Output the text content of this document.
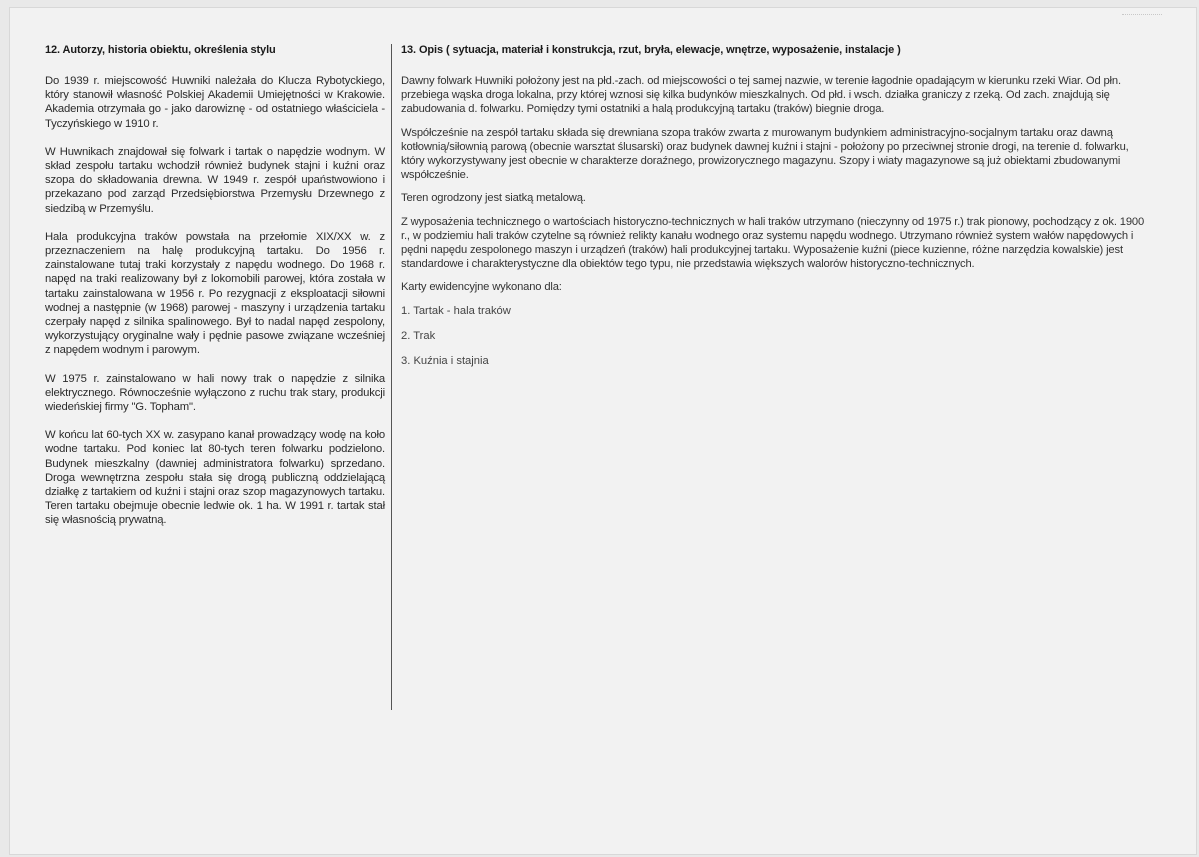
12. Autorzy, historia obiektu, określenia stylu

Do 1939 r. miejscowość Huwniki należała do Klucza Rybotyckiego, który stanowił własność Polskiej Akademii Umiejętności w Krakowie. Akademia otrzymała go - jako darowiznę - od ostatniego właściciela - Tyczyńskiego w 1910 r.

W Huwnikach znajdował się folwark i tartak o napędzie wodnym. W skład zespołu tartaku wchodził również budynek stajni i kuźni oraz szopa do składowania drewna. W 1949 r. zespół upaństwowiono i przekazano pod zarząd Przedsiębiorstwa Przemysłu Drzewnego z siedzibą w Przemyślu.

Hala produkcyjna traków powstała na przełomie XIX/XX w. z przeznaczeniem na halę produkcyjną tartaku. Do 1956 r. zainstalowane tutaj traki korzystały z napędu wodnego. Do 1968 r. napęd na traki realizowany był z lokomobili parowej, która została w tartaku zainstalowana w 1956 r. Po rezygnacji z eksploatacji siłowni wodnej a następnie (w 1968) parowej - maszyny i urządzenia tartaku czerpały napęd z silnika spalinowego. Był to nadal napęd zespolony, wykorzystujący oryginalne wały i pędnie pasowe związane wcześniej z napędem wodnym i parowym.

W 1975 r. zainstalowano w hali nowy trak o napędzie z silnika elektrycznego. Równocześnie wyłączono z ruchu trak stary, produkcji wiedeńskiej firmy "G. Topham".

W końcu lat 60-tych XX w. zasypano kanał prowadzący wodę na koło wodne tartaku. Pod koniec lat 80-tych teren folwarku podzielono. Budynek mieszkalny (dawniej administratora folwarku) sprzedano. Droga wewnętrzna zespołu stała się drogą publiczną oddzielającą działkę z tartakiem od kuźni i stajni oraz szop magazynowych tartaku. Teren tartaku obejmuje obecnie ledwie ok. 1 ha. W 1991 r. tartak stał się własnością prywatną.

13. Opis ( sytuacja, materiał i konstrukcja, rzut, bryła, elewacje, wnętrze, wyposażenie, instalacje )

Dawny folwark Huwniki położony jest na płd.-zach. od miejscowości o tej samej nazwie, w terenie łagodnie opadającym w kierunku rzeki Wiar. Od płn. przebiega wąska droga lokalna, przy której wznosi się kilka budynków mieszkalnych. Od płd. i wsch. działka graniczy z rzeką. Od zach. znajdują się zabudowania d. folwarku. Pomiędzy tymi ostatniki a halą produkcyjną tartaku (traków) biegnie droga.

Współcześnie na zespół tartaku składa się drewniana szopa traków zwarta z murowanym budynkiem administracyjno-socjalnym tartaku oraz dawną kotłownią/siłownią parową (obecnie warsztat ślusarski) oraz budynek dawnej kuźni i stajni - położony po przeciwnej stronie drogi, na terenie d. folwarku, który wykorzystywany jest obecnie w charakterze doraźnego, prowizorycznego magazynu. Szopy i wiaty magazynowe są już obiektami zbudowanymi współcześnie.

Teren ogrodzony jest siatką metalową.

Z wyposażenia technicznego o wartościach historyczno-technicznych w hali traków utrzymano (nieczynny od 1975 r.) trak pionowy, pochodzący z ok. 1900 r., w podziemiu hali traków czytelne są również relikty kanału wodnego oraz systemu napędu wodnego. Utrzymano również system wałów napędowych i pędni napędu zespolonego maszyn i urządzeń (traków) hali produkcyjnej tartaku. Wyposażenie kuźni (piece kuzienne, różne narzędzia kowalskie) jest standardowe i charakterystyczne dla obiektów tego typu, nie przedstawia większych walorów historyczno-technicznych.

Karty ewidencyjne wykonano dla:

1. Tartak - hala traków
2. Trak
3. Kuźnia i stajnia
